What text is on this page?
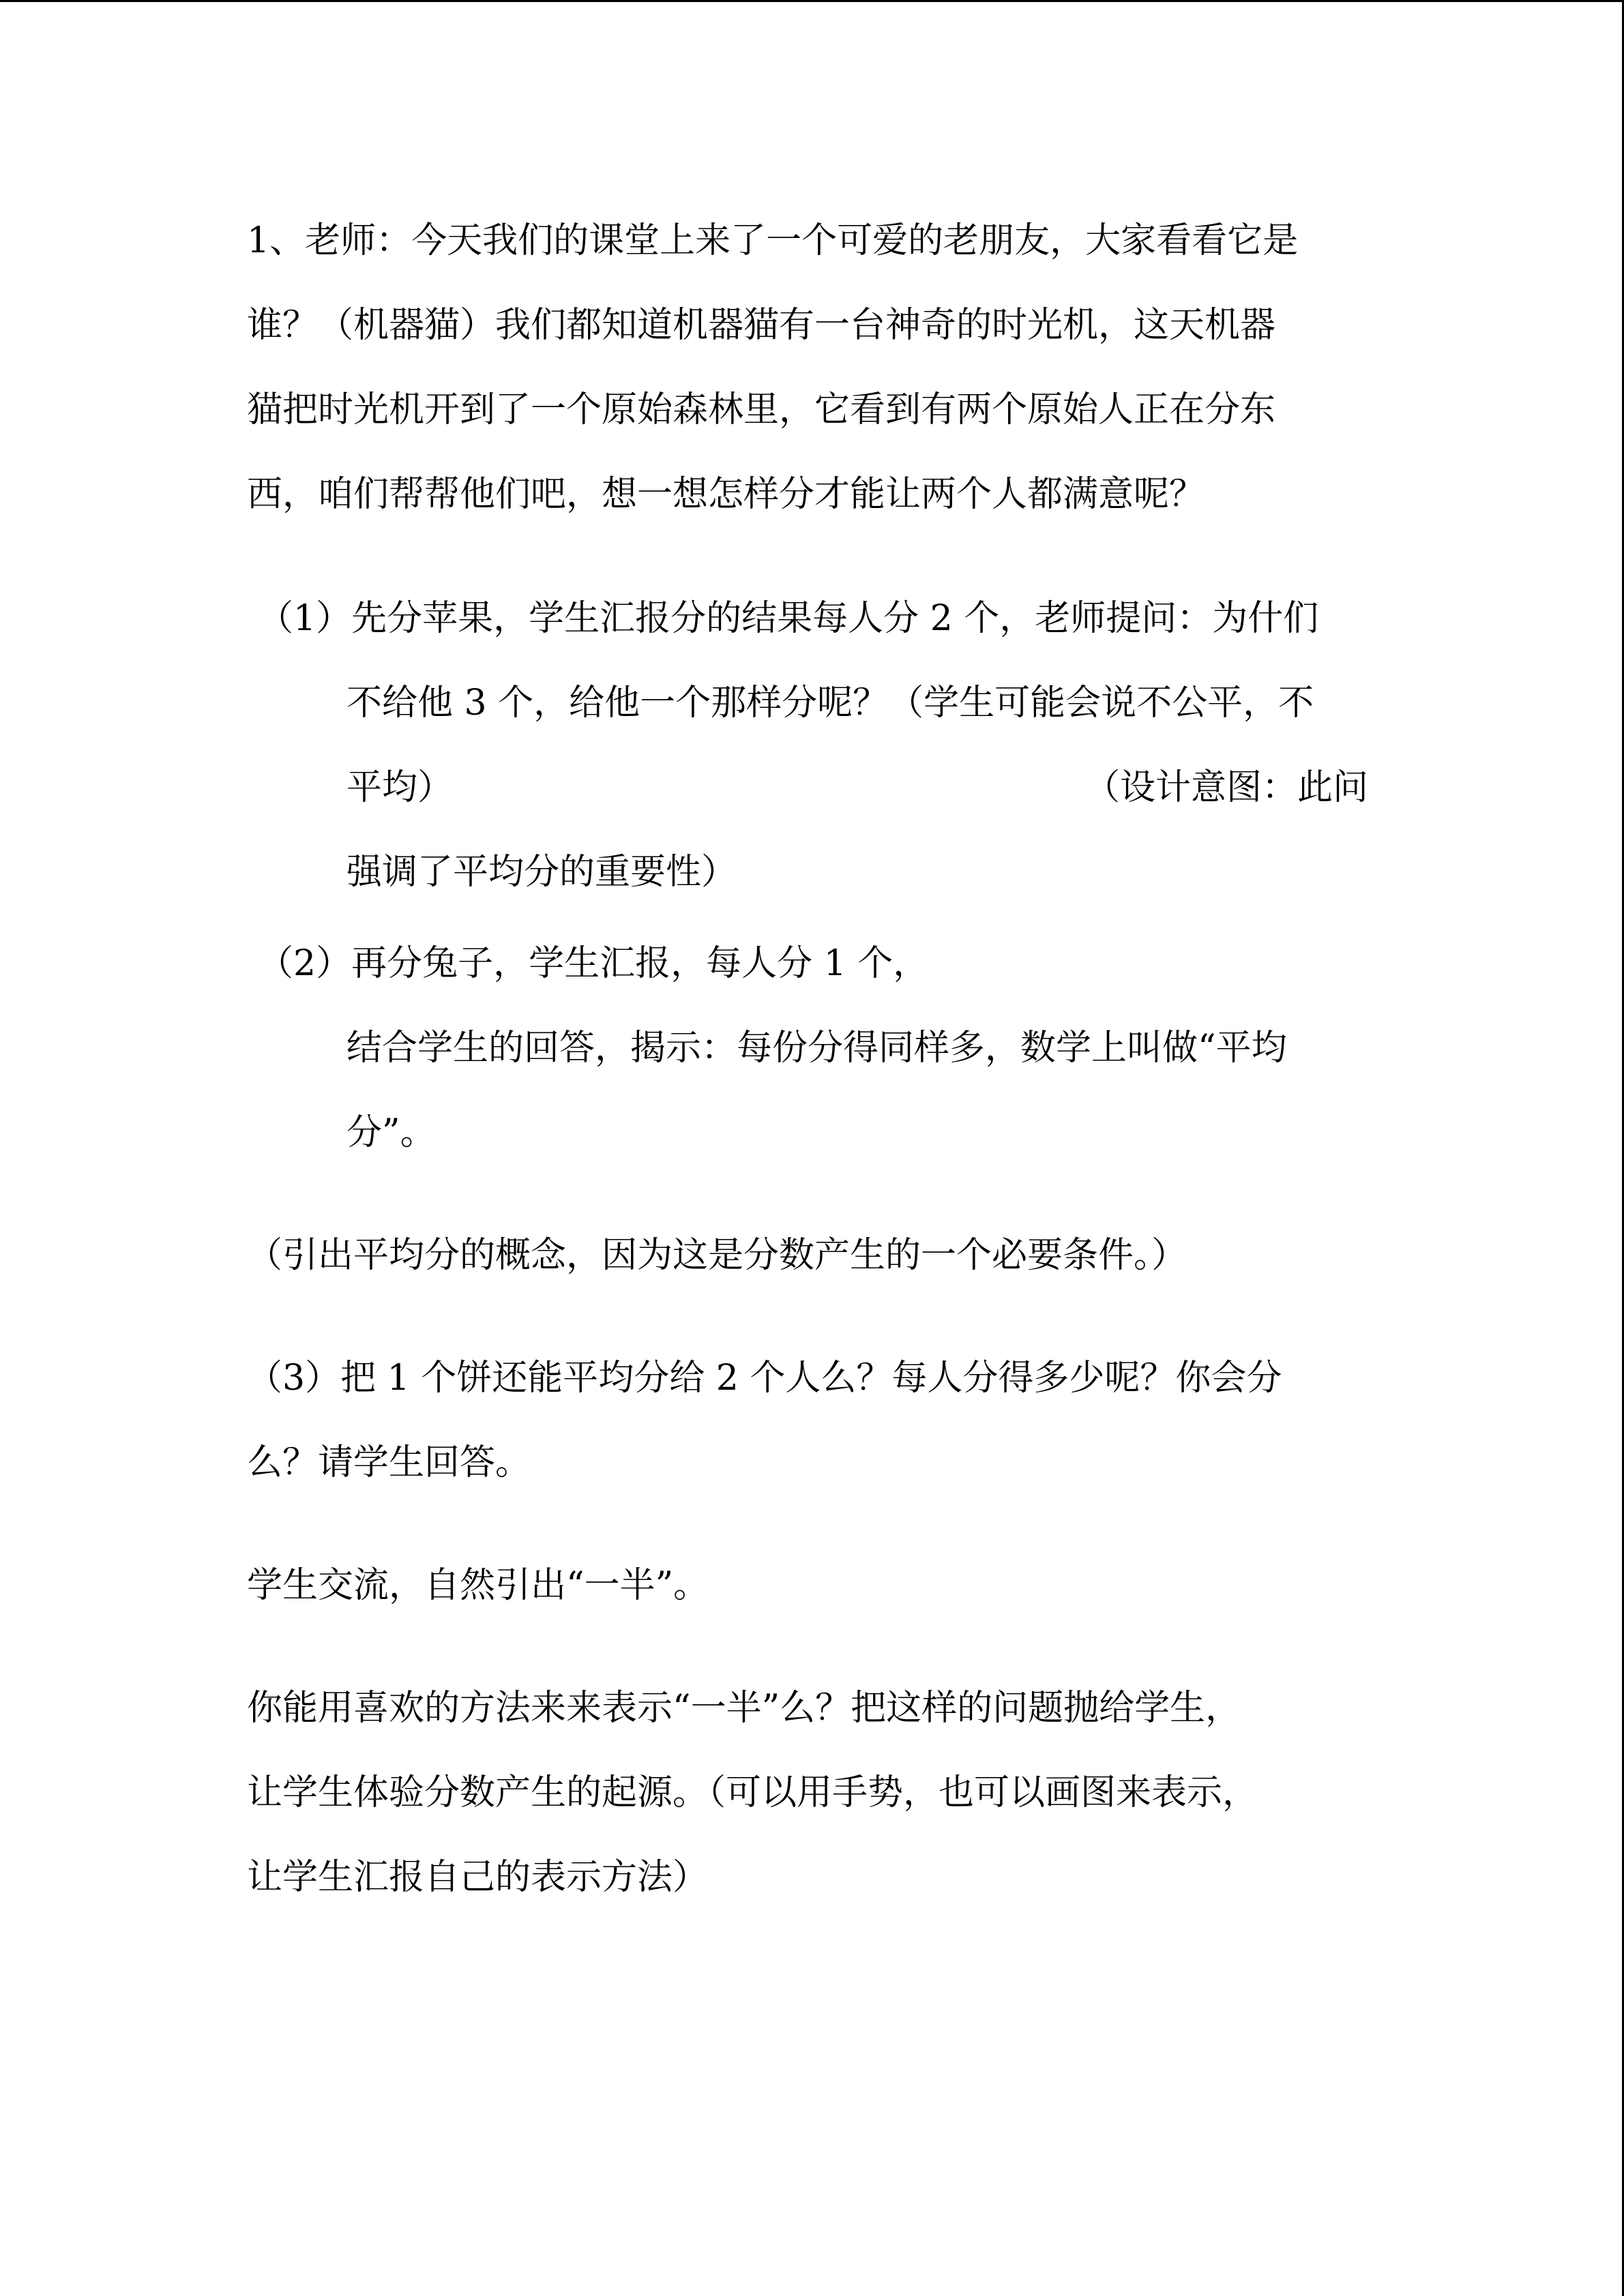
1、老师：今天我们的课堂上来了一个可爱的老朋友，大家看看它是
谁？（机器猫）我们都知道机器猫有一台神奇的时光机，这天机器
猫把时光机开到了一个原始森林里，它看到有两个原始人正在分东
西，咱们帮帮他们吧，想一想怎样分才能让两个人都满意呢？
（1）先分苹果，学生汇报分的结果每人分 2 个，老师提问：为什们
不给他 3 个，给他一个那样分呢？（学生可能会说不公平，不
平均）	（设计意图：此问
强调了平均分的重要性）
（2）再分兔子，学生汇报，每人分 1 个，
结合学生的回答，揭示：每份分得同样多，数学上叫做“平均
分”。
（引出平均分的概念，因为这是分数产生的一个必要条件。）
（3）把 1 个饼还能平均分给 2 个人么？每人分得多少呢？你会分
么？请学生回答。
学生交流，自然引出“一半”。
你能用喜欢的方法来来表示“一半”么？把这样的问题抛给学生，
让学生体验分数产生的起源。（可以用手势，也可以画图来表示，
让学生汇报自己的表示方法）
